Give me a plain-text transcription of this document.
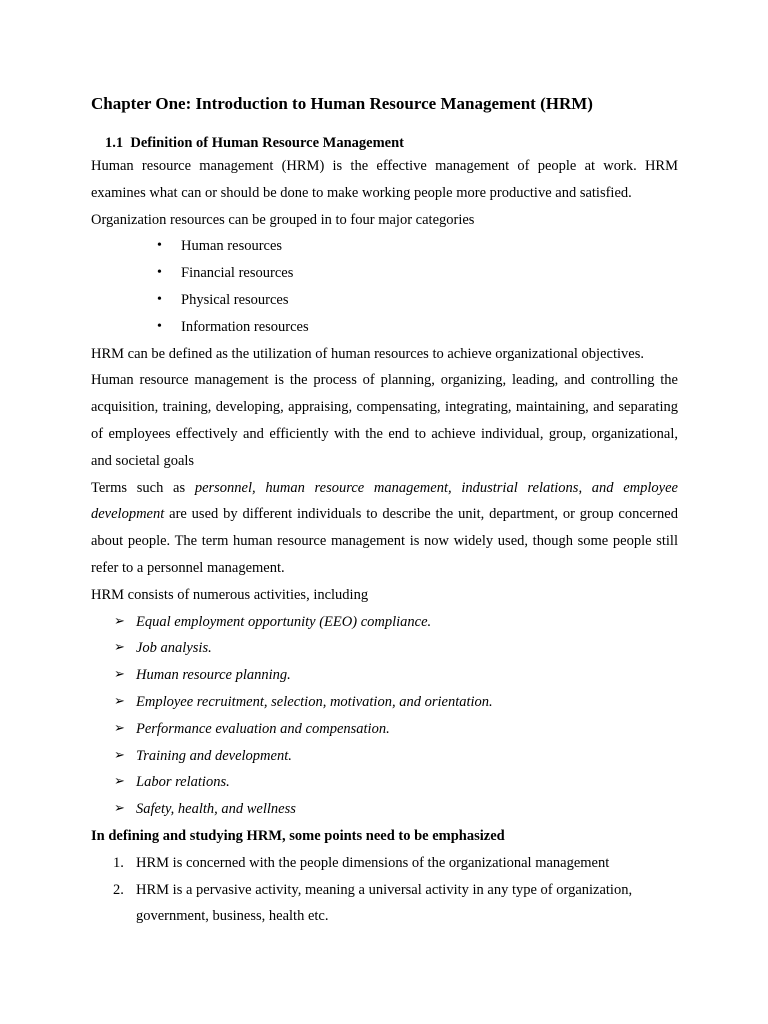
Chapter One: Introduction to Human Resource Management (HRM)
1.1 Definition of Human Resource Management

Human resource management (HRM) is the effective management of people at work. HRM examines what can or should be done to make working people more productive and satisfied.

Organization resources can be grouped in to four major categories

• Human resources
• Financial resources
• Physical resources
• Information resources

HRM can be defined as the utilization of human resources to achieve organizational objectives.

Human resource management is the process of planning, organizing, leading, and controlling the acquisition, training, developing, appraising, compensating, integrating, maintaining, and separating of employees effectively and efficiently with the end to achieve individual, group, organizational, and societal goals

Terms such as personnel, human resource management, industrial relations, and employee development are used by different individuals to describe the unit, department, or group concerned about people. The term human resource management is now widely used, though some people still refer to a personnel management.

HRM consists of numerous activities, including

➢ Equal employment opportunity (EEO) compliance.
➢ Job analysis.
➢ Human resource planning.
➢ Employee recruitment, selection, motivation, and orientation.
➢ Performance evaluation and compensation.
➢ Training and development.
➢ Labor relations.
➢ Safety, health, and wellness

In defining and studying HRM, some points need to be emphasized

1. HRM is concerned with the people dimensions of the organizational management
2. HRM is a pervasive activity, meaning a universal activity in any type of organization, government, business, health etc.
